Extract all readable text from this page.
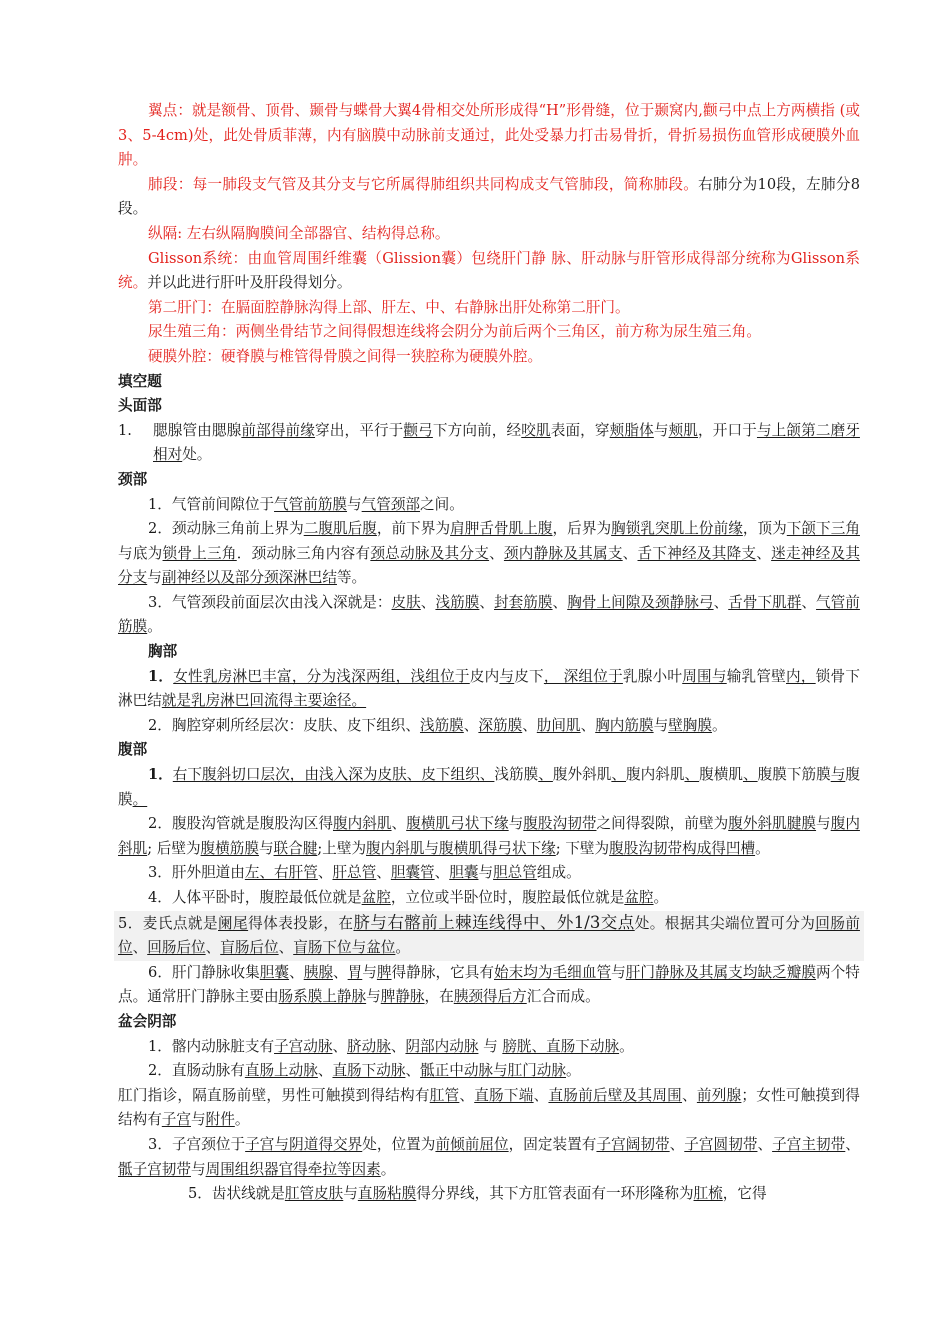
翼点：就是额骨、顶骨、颞骨与蝶骨大翼4骨相交处所形成得“H”形骨缝，位于颞窝内,颧弓中点上方两横指 (或3、5-4cm)处，此处骨质菲薄，内有脑膜中动脉前支通过，此处受暴力打击易骨折，骨折易损伤血管形成硬膜外血肿。

肺段：每一肺段支气管及其分支与它所属得肺组织共同构成支气管肺段，简称肺段。右肺分为10段，左肺分8段。

纵隔: 左右纵隔胸膜间全部器官、结构得总称。

Glisson系统：由血管周围纤维囊（Glission囊）包绕肝门静 脉、肝动脉与肝管形成得部分统称为Glisson系统。并以此进行肝叶及肝段得划分。

第二肝门：在膈面腔静脉沟得上部、肝左、中、右静脉出肝处称第二肝门。

尿生殖三角：两侧坐骨结节之间得假想连线将会阴分为前后两个三角区，前方称为尿生殖三角。

硬膜外腔：硬脊膜与椎管得骨膜之间得一狭腔称为硬膜外腔。

填空题

头面部

1.	腮腺管由腮腺前部得前缘穿出，平行于颧弓下方向前，经咬肌表面，穿颊脂体与颊肌，开口于与上颌第二磨牙相对处。

颈部

1．气管前间隙位于气管前筋膜与气管颈部之间。

2．颈动脉三角前上界为二腹肌后腹，前下界为肩胛舌骨肌上腹，后界为胸锁乳突肌上份前缘，顶为下颌下三角与底为锁骨上三角．颈动脉三角内容有颈总动脉及其分支、颈内静脉及其属支、舌下神经及其降支、迷走神经及其分支与副神经以及部分颈深淋巴结等。

3．气管颈段前面层次由浅入深就是：皮肤、浅筋膜、封套筋膜、胸骨上间隙及颈静脉弓、舌骨下肌群、气管前筋膜。

胸部

1．女性乳房淋巴丰富，分为浅深两组，浅组位于皮内与皮下， 深组位于乳腺小叶周围与输乳管壁内，锁骨下淋巴结就是乳房淋巴回流得主要途径。

2．胸腔穿刺所经层次：皮肤、皮下组织、浅筋膜、深筋膜、肋间肌、胸内筋膜与壁胸膜。

腹部

1．右下腹斜切口层次，由浅入深为皮肤、皮下组织、浅筋膜、腹外斜肌、腹内斜肌、腹横肌、腹膜下筋膜与腹膜。

2．腹股沟管就是腹股沟区得腹内斜肌、腹横肌弓状下缘与腹股沟韧带之间得裂隙，前壁为腹外斜肌腱膜与腹内斜肌; 后壁为腹横筋膜与联合腱;上壁为腹内斜肌与腹横肌得弓状下缘; 下壁为腹股沟韧带构成得凹槽。

3．肝外胆道由左、右肝管、肝总管、胆囊管、胆囊与胆总管组成。

4．人体平卧时，腹腔最低位就是盆腔，立位或半卧位时，腹腔最低位就是盆腔。

5．麦氏点就是阑尾得体表投影，在脐与右髂前上棘连线得中、外1/3交点处。根据其尖端位置可分为回肠前位、回肠后位、盲肠后位、盲肠下位与盆位。

6．肝门静脉收集胆囊、胰腺、胃与脾得静脉，它具有始末均为毛细血管与肝门静脉及其属支均缺乏瓣膜两个特点。通常肝门静脉主要由肠系膜上静脉与脾静脉，在胰颈得后方汇合而成。

盆会阴部

1．髂内动脉脏支有子宫动脉、脐动脉、阴部内动脉 与 膀胱、直肠下动脉。

2．直肠动脉有直肠上动脉、直肠下动脉、骶正中动脉与肛门动脉。

肛门指诊，隔直肠前壁，男性可触摸到得结构有肛管、直肠下端、直肠前后壁及其周围、前列腺；女性可触摸到得结构有子宫与附件。

3．子宫颈位于子宫与阴道得交界处，位置为前倾前屈位，固定装置有子宫阔韧带、子宫圆韧带、子宫主韧带、骶子宫韧带与周围组织器官得牵拉等因素。

5．齿状线就是肛管皮肤与直肠粘膜得分界线，其下方肛管表面有一环形隆称为肛梳，它得
